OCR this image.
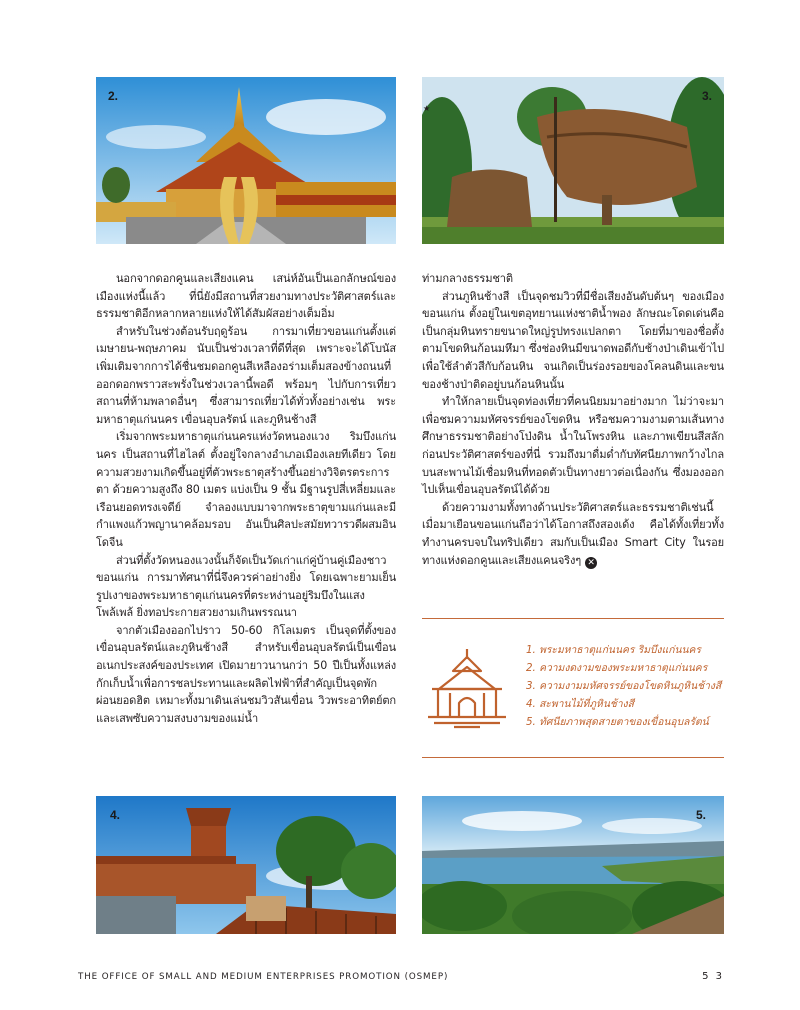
2.	3.
★

นอกจากดอกคูนและเสียงแคน เสน่ห์อันเป็นเอกลักษณ์ของเมืองแห่งนี้แล้ว ที่นี่ยังมีสถานที่สวยงามทางประวัติศาสตร์และธรรมชาติอีกหลากหลายแห่งให้ได้สัมผัสอย่างเต็มอิ่ม

สำหรับในช่วงต้อนรับฤดูร้อน การมาเที่ยวขอนแก่นตั้งแต่เมษายน-พฤษภาคม นับเป็นช่วงเวลาที่ดีที่สุด เพราะจะได้โบนัสเพิ่มเติมจากการได้ชื่นชมดอกคูนสีเหลืองอร่ามเต็มสองข้างถนนที่ออกดอกพราวสะพรั่งในช่วงเวลานี้พอดี พร้อมๆ ไปกับการเที่ยวสถานที่ห้ามพลาดอื่นๆ ซึ่งสามารถเที่ยวได้ทั่วทั้งอย่างเช่น พระมหาธาตุแก่นนคร เขื่อนอุบลรัตน์ และภูหินช้างสี

เริ่มจากพระมหาธาตุแก่นนครแห่งวัดหนองแวง ริมบึงแก่นนคร เป็นสถานที่ไฮไลต์ ตั้งอยู่ใจกลางอำเภอเมืองเลยทีเดียว โดยความสวยงามเกิดขึ้นอยู่ที่ตัวพระธาตุสร้างขึ้นอย่างวิจิตรตระการตา ด้วยความสูงถึง 80 เมตร แบ่งเป็น 9 ชั้น มีฐานรูปสี่เหลี่ยมและเรือนยอดทรงเจดีย์ จำลองแบบมาจากพระธาตุขามแก่นและมีกำแพงแก้วพญานาคล้อมรอบ อันเป็นศิลปะสมัยทวารวดีผสมอินโดจีน

ส่วนที่ตั้งวัดหนองแวงนั้นก็จัดเป็นวัดเก่าแก่คู่บ้านคู่เมืองชาวขอนแก่น การมาทัศนาที่นี่จึงควรค่าอย่างยิ่ง โดยเฉพาะยามเย็น รูปเงาของพระมหาธาตุแก่นนครที่ตระหง่านอยู่ริมบึงในแสงโพล้เพล้ ยิ่งทอประกายสวยงามเกินพรรณนา

จากตัวเมืองออกไปราว 50-60 กิโลเมตร เป็นจุดที่ตั้งของเขื่อนอุบลรัตน์และภูหินช้างสี สำหรับเขื่อนอุบลรัตน์เป็นเขื่อนอเนกประสงค์ของประเทศ เปิดมายาวนานกว่า 50 ปีเป็นทั้งแหล่งกักเก็บน้ำเพื่อการชลประทานและผลิตไฟฟ้าที่สำคัญเป็นจุดพักผ่อนยอดฮิต เหมาะทั้งมาเดินเล่นชมวิวสันเขื่อน วิวพระอาทิตย์ตกและเสพซับความสงบงามของแม่น้ำ

ท่ามกลางธรรมชาติ

ส่วนภูหินช้างสี เป็นจุดชมวิวที่มีชื่อเสียงอันดับต้นๆ ของเมืองขอนแก่น ตั้งอยู่ในเขตอุทยานแห่งชาติน้ำพอง ลักษณะโดดเด่นคือเป็นกลุ่มหินทรายขนาดใหญ่รูปทรงแปลกตา โดยที่มาของชื่อตั้งตามโขดหินก้อนมหึมา ซึ่งช่องหินมีขนาดพอดีกับช้างป่าเดินเข้าไปเพื่อใช้ลำตัวสีกับก้อนหิน จนเกิดเป็นร่องรอยของโคลนดินและขนของช้างป่าติดอยู่บนก้อนหินนั้น

ทำให้กลายเป็นจุดท่องเที่ยวที่คนนิยมมาอย่างมาก ไม่ว่าจะมาเพื่อชมความมหัศจรรย์ของโขดหิน หรือชมความงามตามเส้นทางศึกษาธรรมชาติอย่างโป่งดิน น้ำในโพรงหิน และภาพเขียนสีสลักก่อนประวัติศาสตร์ของที่นี่ รวมถึงมาดื่มด่ำกับทัศนียภาพกว้างไกลบนสะพานไม้เชื่อมหินที่ทอดตัวเป็นทางยาวต่อเนื่องกัน ซึ่งมองออกไปเห็นเขื่อนอุบลรัตน์ได้ด้วย

ด้วยความงามทั้งทางด้านประวัติศาสตร์และธรรมชาติเช่นนี้เมื่อมาเยือนขอนแก่นถือว่าได้โอกาสถึงสองเด้ง คือได้ทั้งเที่ยวทั้งทำงานครบจบในทริปเดียว สมกับเป็นเมือง Smart City ในรอยทางแห่งดอกคูนและเสียงแคนจริงๆ ✕

1. พระมหาธาตุแก่นนคร ริมบึงแก่นนคร
2. ความงดงามของพระมหาธาตุแก่นนคร
3. ความงามมหัศจรรย์ของโขดหินภูหินช้างสี
4. สะพานไม้ที่ภูหินช้างสี
5. ทัศนียภาพสุดสายตาของเขื่อนอุบลรัตน์
4.	5.
THE OFFICE OF SMALL AND MEDIUM ENTERPRISES PROMOTION (OSMEP)	5 3
